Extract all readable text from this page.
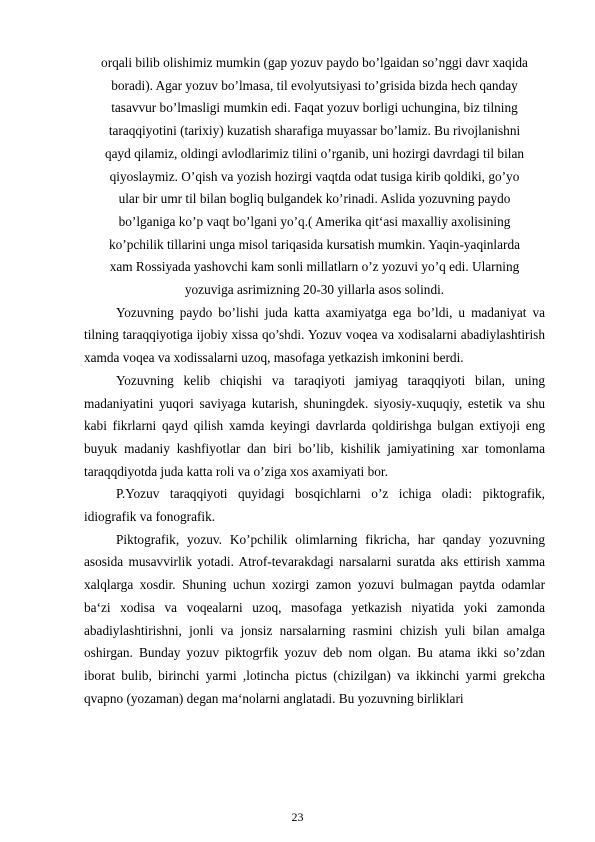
orqali bilib olishimiz mumkin (gap yozuv paydo bo’lgaidan so’nggi davr xaqida

boradi). Agar yozuv bo’lmasa, til evolyutsiyasi to’grisida bizda hech qanday

tasavvur bo’lmasligi mumkin edi. Faqat yozuv borligi uchungina, biz tilning

taraqqiyotini (tarixiy) kuzatish sharafiga muyassar bo’lamiz. Bu rivojlanishni

qayd qilamiz, oldingi avlodlarimiz tilini o’rganib, uni hozirgi davrdagi til bilan

qiyoslaymiz. O’qish va yozish hozirgi vaqtda odat tusiga kirib qoldiki, go’yo

ular bir umr til bilan bogliq bulgandek ko’rinadi. Aslida yozuvning paydo

bo’lganiga ko’p vaqt bo’lgani yo’q.( Amerika qit‘asi maxalliy axolisining

ko’pchilik tillarini unga misol tariqasida kursatish mumkin. Yaqin-yaqinlarda

xam Rossiyada yashovchi kam sonli millatlarn o’z yozuvi yo’q edi. Ularning

yozuviga asrimizning 20-30 yillarla asos solindi.

Yozuvning paydo bo’lishi juda katta axamiyatga ega bo’ldi, u madaniyat va tilning taraqqiyotiga ijobiy xissa qo’shdi. Yozuv voqea va xodisalarni abadiylashtirish xamda voqea va xodissalarni uzoq, masofaga yetkazish imkonini berdi.

Yozuvning kelib chiqishi va taraqiyoti jamiyag taraqqiyoti bilan, uning madaniyatini yuqori saviyaga kutarish, shuningdek. siyosiy-xuquqiy, estetik va shu kabi fikrlarni qayd qilish xamda keyingi davrlarda qoldirishga bulgan extiyoji eng buyuk madaniy kashfiyotlar dan biri bo’lib, kishilik jamiyatining xar tomonlama taraqqdiyotda juda katta roli va o’ziga xos axamiyati bor.

P.Yozuv taraqqiyoti quyidagi bosqichlarni o’z ichiga oladi: piktografik, idiografik va fonografik.

Piktografik, yozuv. Ko’pchilik olimlarning fikricha, har qanday yozuvning asosida musavvirlik yotadi. Atrof-tevarakdagi narsalarni suratda aks ettirish xamma xalqlarga xosdir. Shuning uchun xozirgi zamon yozuvi bulmagan paytda odamlar ba‘zi xodisa va voqealarni uzoq, masofaga yetkazish niyatida yoki zamonda abadiylashtirishni, jonli va jonsiz narsalarning rasmini chizish yuli bilan amalga oshirgan. Bunday yozuv piktogrfik yozuv deb nom olgan. Bu atama ikki so’zdan iborat bulib, birinchi yarmi ,lotincha pictus (chizilgan) va ikkinchi yarmi grekcha qvapno (yozaman) degan ma‘nolarni anglatadi. Bu yozuvning birliklari

23
